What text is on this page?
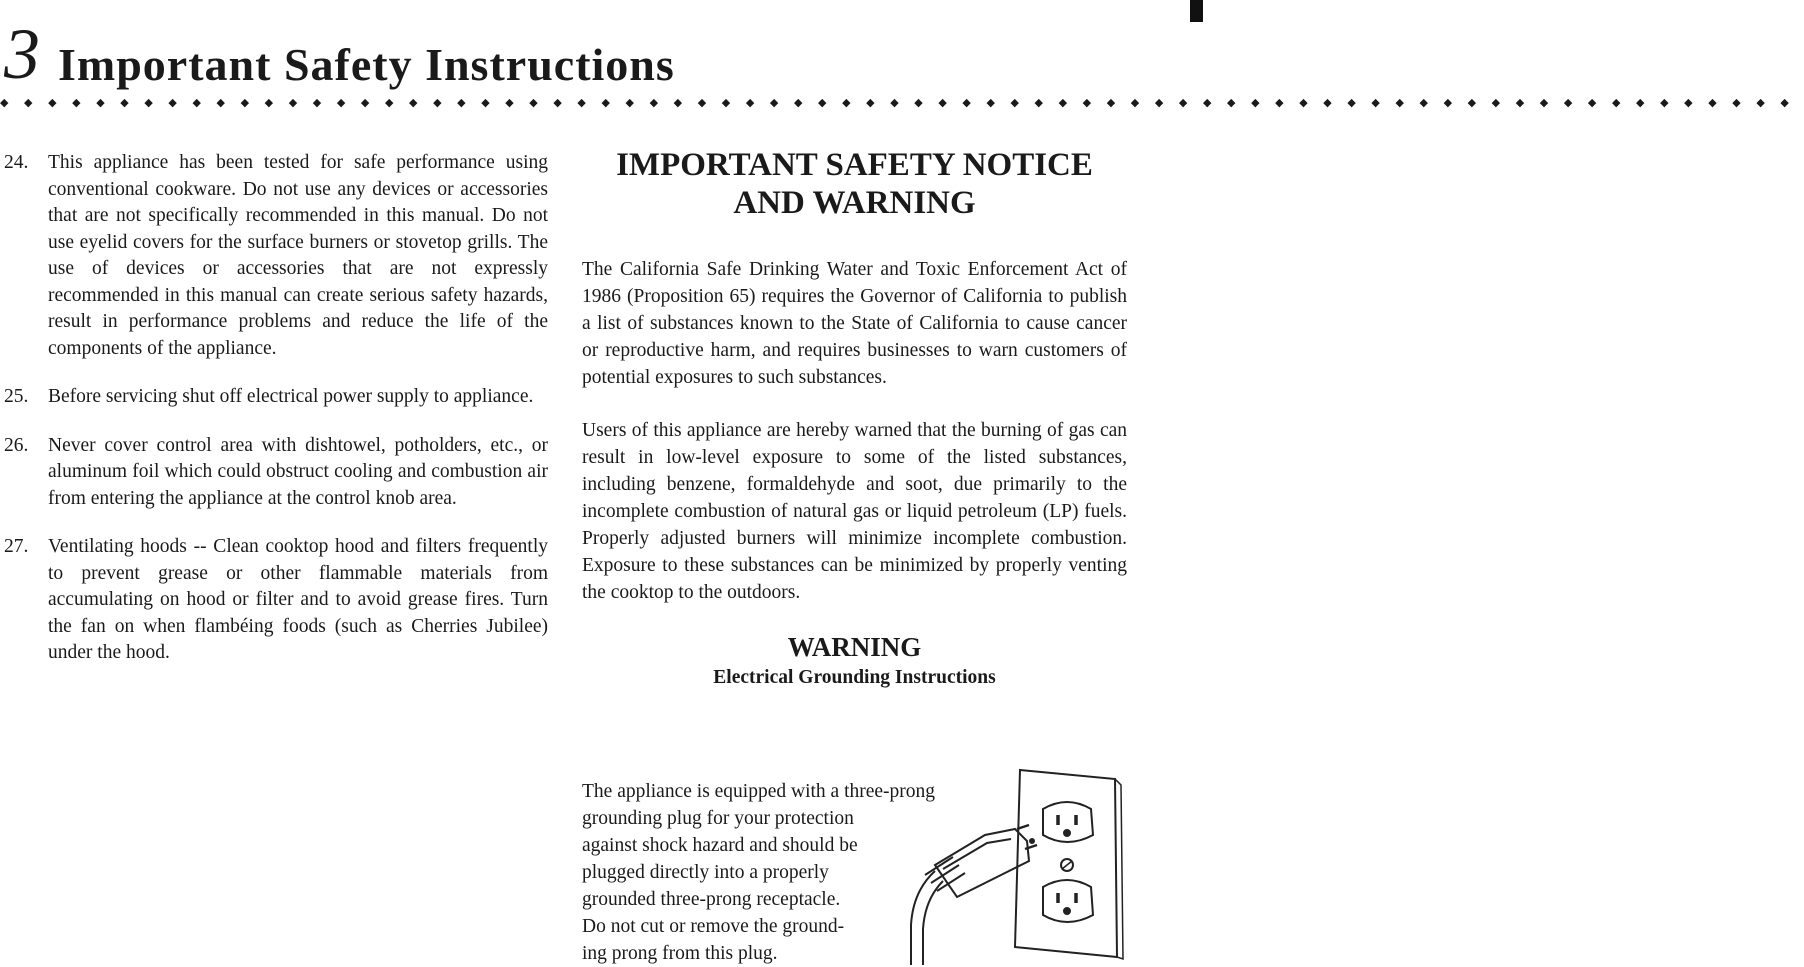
3 Important Safety Instructions
◆◆◆◆◆◆◆◆◆◆◆◆◆◆◆◆◆◆◆◆◆◆◆◆◆◆◆◆◆◆◆◆◆◆◆◆◆◆◆◆◆◆◆◆◆◆◆◆◆◆◆◆◆◆◆◆◆◆◆◆◆◆◆◆◆◆◆◆◆◆◆◆◆◆◆
24. This appliance has been tested for safe performance using conventional cookware. Do not use any devices or accessories that are not specifically recommended in this manual. Do not use eyelid covers for the surface burners or stovetop grills. The use of devices or accessories that are not expressly recommended in this manual can create serious safety hazards, result in performance problems and reduce the life of the components of the appliance.
25. Before servicing shut off electrical power supply to appliance.
26. Never cover control area with dishtowel, potholders, etc., or aluminum foil which could obstruct cooling and combustion air from entering the appliance at the control knob area.
27. Ventilating hoods -- Clean cooktop hood and filters frequently to prevent grease or other flammable materials from accumulating on hood or filter and to avoid grease fires. Turn the fan on when flambéing foods (such as Cherries Jubilee) under the hood.
IMPORTANT SAFETY NOTICE
AND WARNING

The California Safe Drinking Water and Toxic Enforcement Act of 1986 (Proposition 65) requires the Governor of California to publish a list of substances known to the State of California to cause cancer or reproductive harm, and requires businesses to warn customers of potential exposures to such substances.

Users of this appliance are hereby warned that the burning of gas can result in low-level exposure to some of the listed substances, including benzene, formaldehyde and soot, due primarily to the incomplete combustion of natural gas or liquid petroleum (LP) fuels. Properly adjusted burners will minimize incomplete combustion. Exposure to these substances can be minimized by properly venting the cooktop to the outdoors.

WARNING
Electrical Grounding Instructions

The appliance is equipped with a three-prong
grounding plug for your protection
against shock hazard and should be
plugged directly into a properly
grounded three-prong receptacle.
Do not cut or remove the ground-
ing prong from this plug.
